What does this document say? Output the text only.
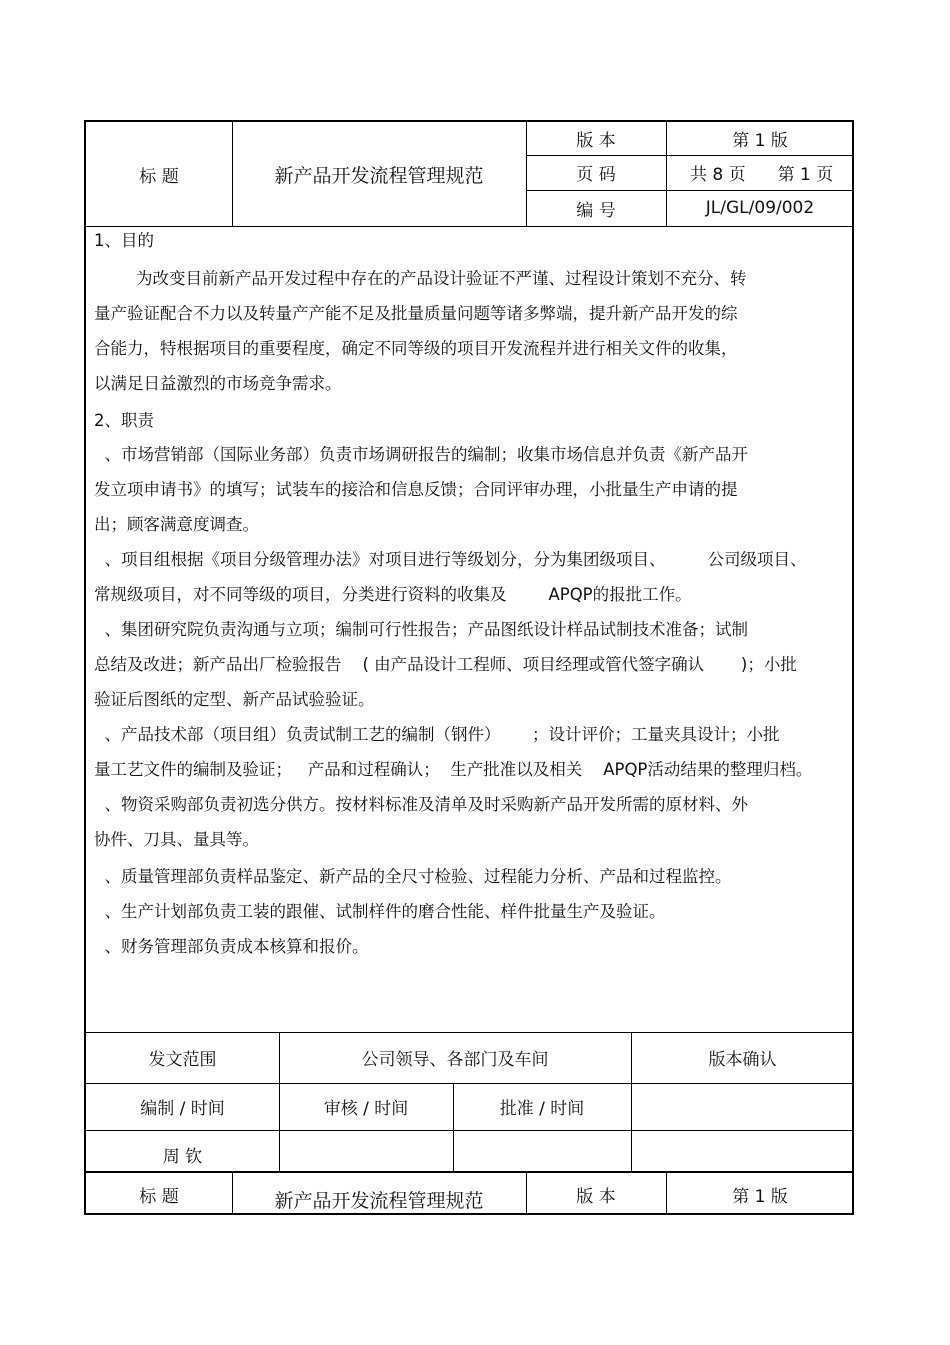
标 题	新产品开发流程管理规范
版 本	第 1 版
页 码	共 8 页 第 1 页
编 号	JL/GL/09/002
1、目的
为改变目前新产品开发过程中存在的产品设计验证不严谨、过程设计策划不充分、转
量产验证配合不力以及转量产产能不足及批量质量问题等诸多弊端，提升新产品开发的综
合能力，特根据项目的重要程度，确定不同等级的项目开发流程并进行相关文件的收集，
以满足日益激烈的市场竞争需求。
2、职责
、市场营销部（国际业务部）负责市场调研报告的编制；收集市场信息并负责《新产品开
发立项申请书》的填写；试装车的接洽和信息反馈；合同评审办理，小批量生产申请的提
出；顾客满意度调查。
、项目组根据《项目分级管理办法》对项目进行等级划分，分为集团级项目、        公司级项目、
常规级项目，对不同等级的项目，分类进行资料的收集及        APQP的报批工作。
、集团研究院负责沟通与立项；编制可行性报告；产品图纸设计样品试制技术准备；试制
总结及改进；新产品出厂检验报告    ( 由产品设计工程师、项目经理或管代签字确认       )；小批
验证后图纸的定型、新产品试验验证。
、产品技术部（项目组）负责试制工艺的编制（钢件）      ；设计评价；工量夹具设计；小批
量工艺文件的编制及验证；   产品和过程确认；  生产批准以及相关    APQP活动结果的整理归档。
、物资采购部负责初选分供方。按材料标准及清单及时采购新产品开发所需的原材料、外
协件、刀具、量具等。
、质量管理部负责样品鉴定、新产品的全尺寸检验、过程能力分析、产品和过程监控。
、生产计划部负责工装的跟催、试制样件的磨合性能、样件批量生产及验证。
、财务管理部负责成本核算和报价。
发文范围	公司领导、各部门及车间	版本确认
编制 / 时间	审核 / 时间	批准 / 时间
周 钦
标 题	新产品开发流程管理规范	版 本	第 1 版
